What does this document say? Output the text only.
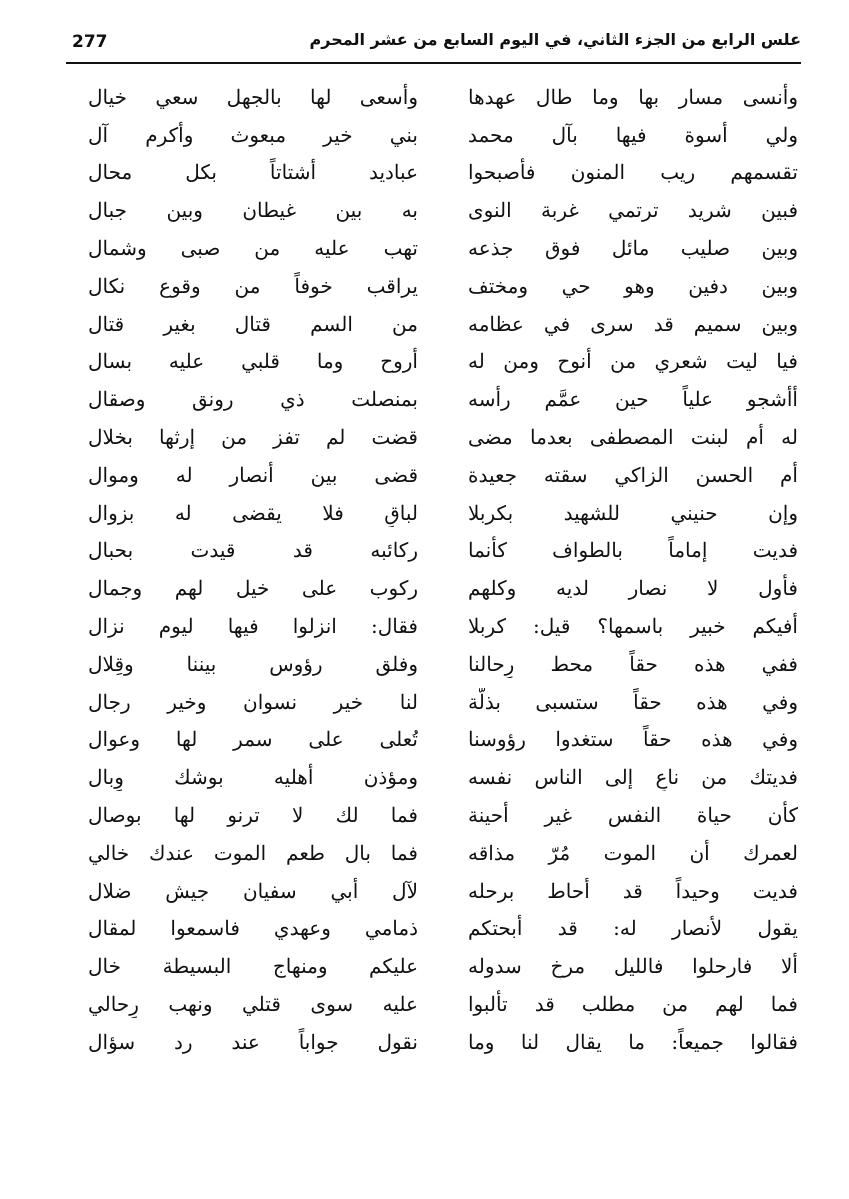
277	علس الرابع من الجزء الثاني، في اليوم السابع من عشر المحرم
وأنسى مسار بها وما طال عهدها
وأسعى لها بالجهل سعي خيال
ولي أسوة فيها بآل محمد
بني خير مبعوث وأكرم آل
تقسمهم ريب المنون فأصبحوا
عباديد أشتاتاً بكل محال
فبين شريد ترتمي غربة النوى
به بين غيطان وبين جبال
وبين صليب مائل فوق جذعه
تهب عليه من صبى وشمال
وبين دفين وهو حي ومختف
يراقب خوفاً من وقوع نكال
وبين سميم قد سرى في عظامه
من السم قتال بغير قتال
فيا ليت شعري من أنوح ومن له
أروح وما قلبي عليه بسال
أأشجو علياً حين عمَّم رأسه
بمنصلت ذي رونق وصقال
له أم لبنت المصطفى بعدما مضى
قضت لم تفز من إرثها بخلال
أم الحسن الزاكي سقته جعيدة
قضى بين أنصار له وموال
وإن حنيني للشهيد بكربلا
لباقٍ فلا يقضى له بزوال
فديت إماماً بالطواف كأنما
ركائبه قد قيدت بحبال
فأول لا نصار لديه وكلهم
ركوب على خيل لهم وجمال
أفيكم خبير باسمها؟ قيل: كربلا
فقال: انزلوا فيها ليوم نزال
ففي هذه حقاً محط رِحالنا
وفلق رؤوس بيننا وقِلال
وفي هذه حقاً ستسبى بذلّة
لنا خير نسوان وخير رجال
وفي هذه حقاً ستغدوا رؤوسنا
تُعلى على سمر لها وعوال
فديتك من ناعٍ إلى الناس نفسه
ومؤذن أهليه بوشك وِبال
كأن حياة النفس غير أحينة
فما لك لا ترنو لها بوصال
لعمرك أن الموت مُرّ مذاقه
فما بال طعم الموت عندك خالي
فديت وحيداً قد أحاط برحله
لآل أبي سفيان جيش ضلال
يقول لأنصار له: قد أبحتكم
ذمامي وعهدي فاسمعوا لمقال
ألا فارحلوا فالليل مرخٍ سدوله
عليكم ومنهاج البسيطة خال
فما لهم من مطلب قد تألبوا
عليه سوى قتلي ونهب رِحالي
فقالوا جميعاً: ما يقال لنا وما
نقول جواباً عند رد سؤال
